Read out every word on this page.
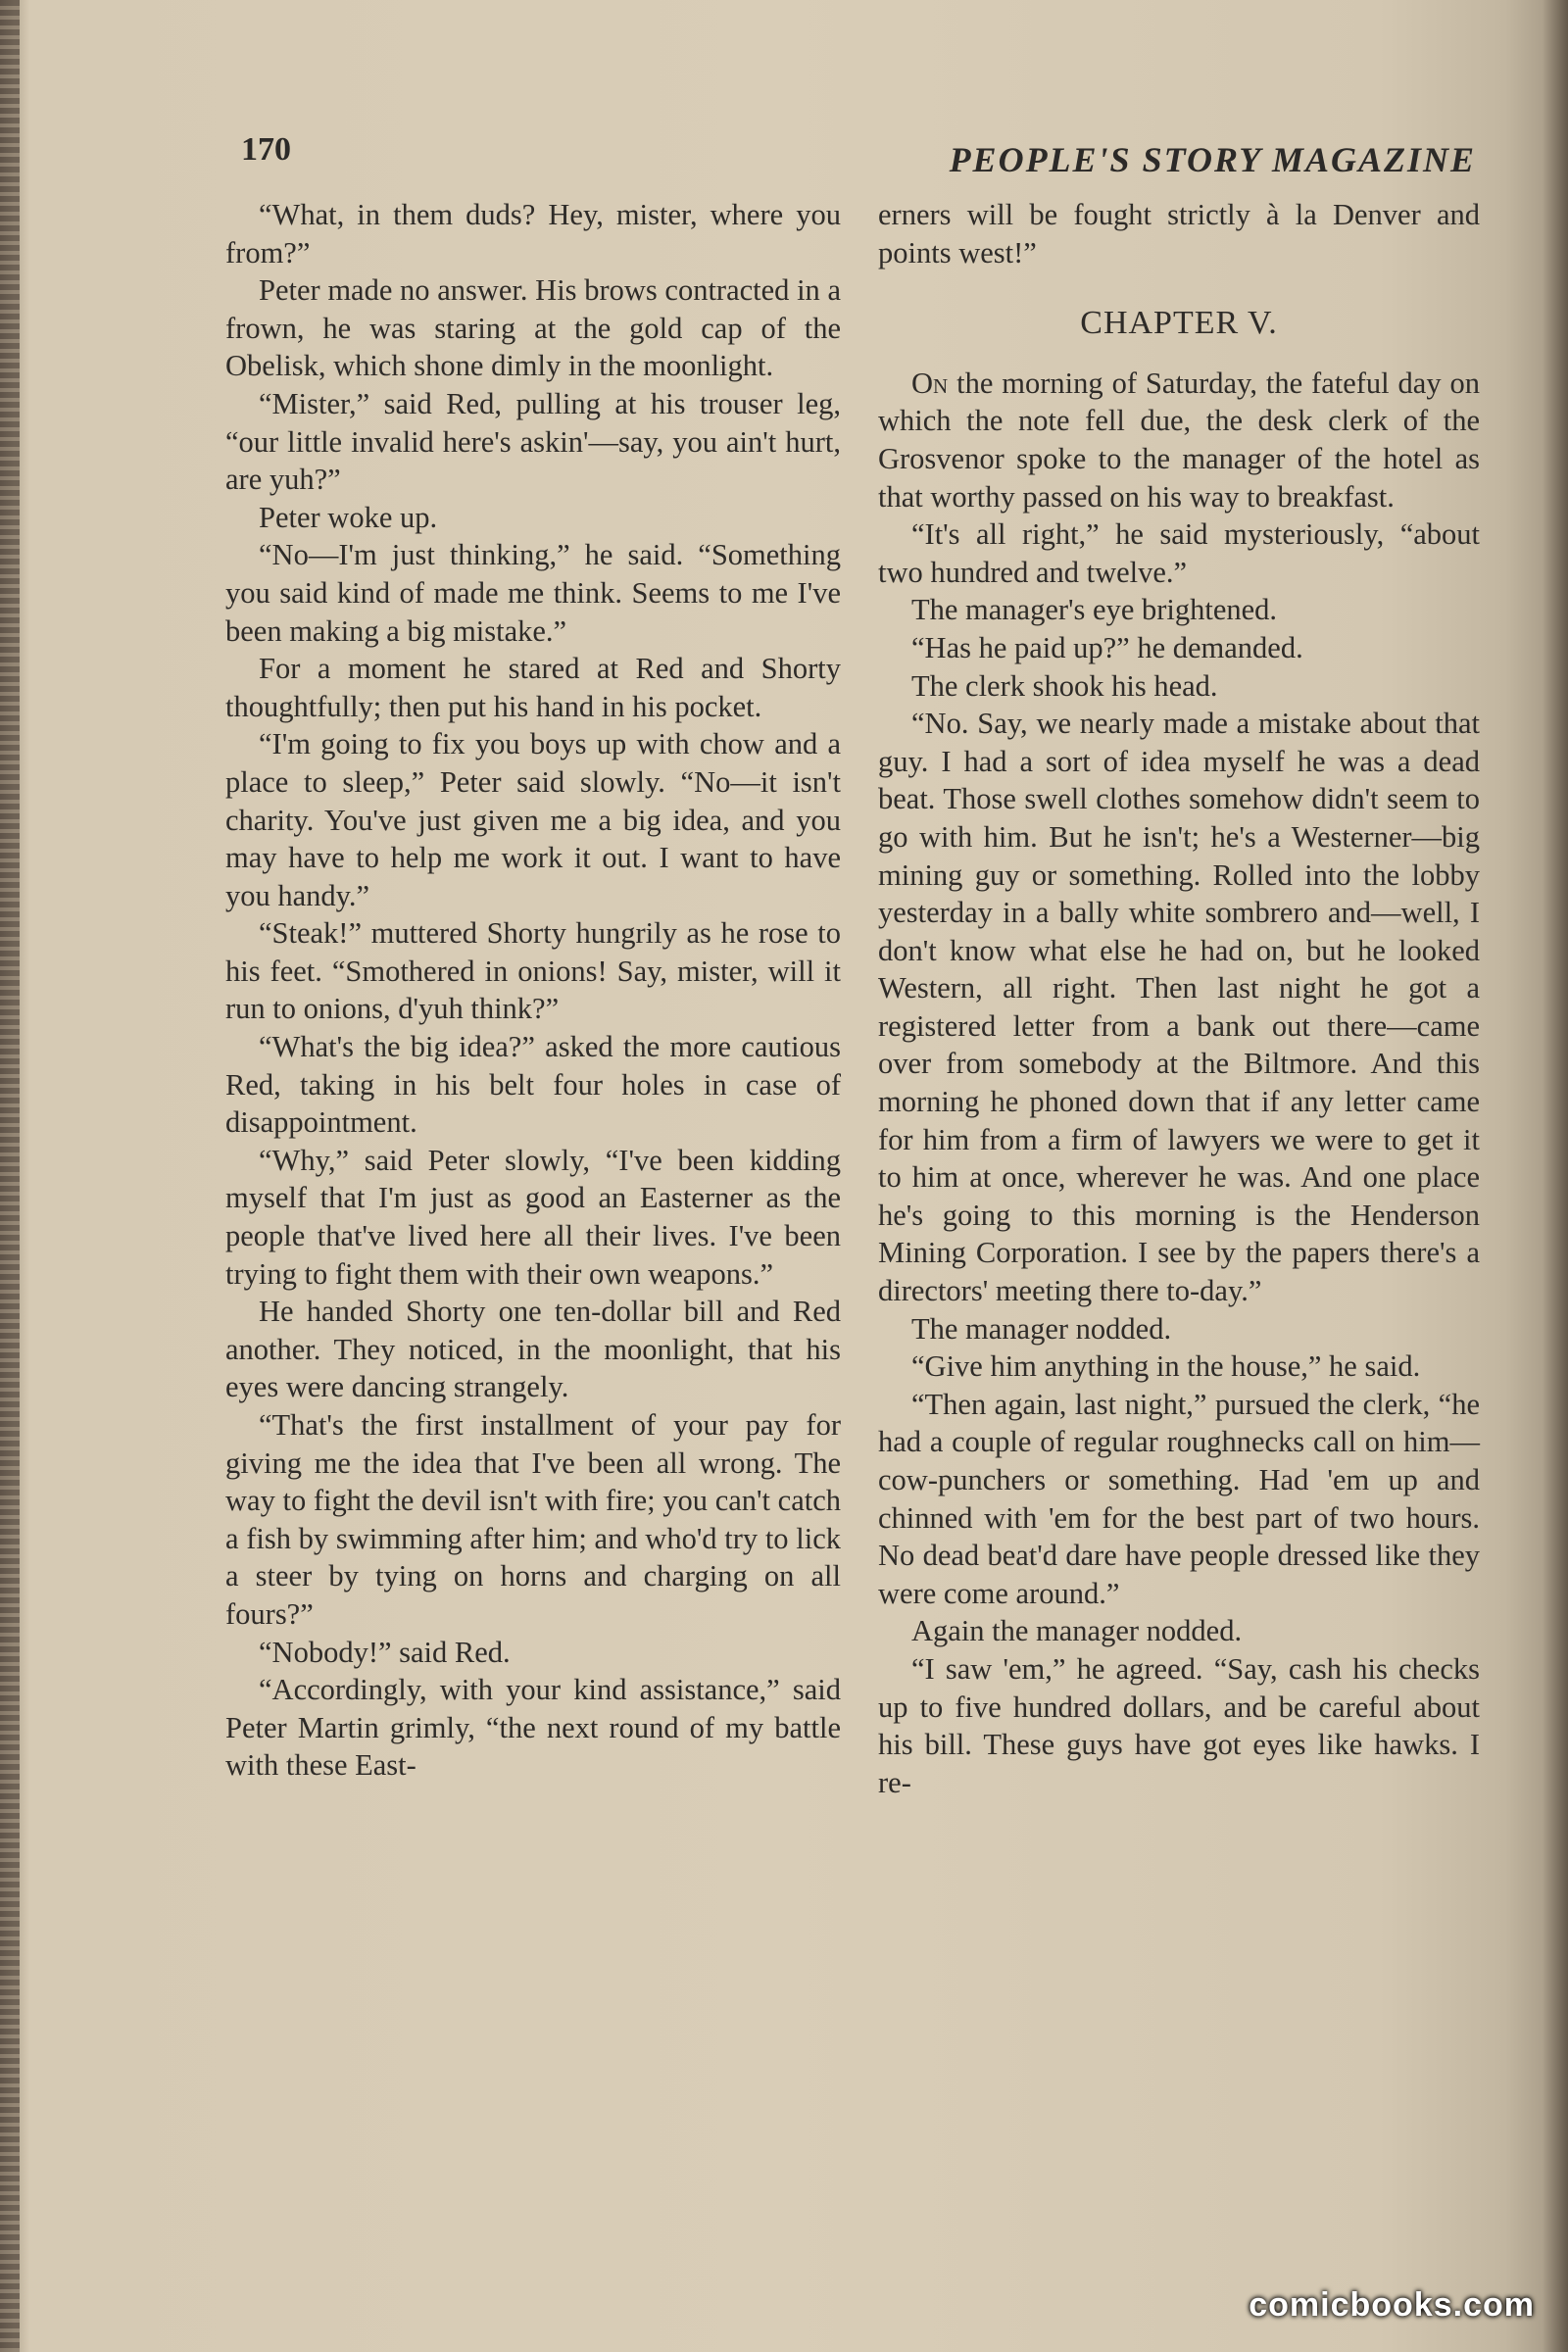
170	PEOPLE'S STORY MAGAZINE

“What, in them duds? Hey, mister, where you from?”

Peter made no answer. His brows contracted in a frown, he was staring at the gold cap of the Obelisk, which shone dimly in the moonlight.

“Mister,” said Red, pulling at his trouser leg, “our little invalid here's askin'—say, you ain't hurt, are yuh?”

Peter woke up.

“No—I'm just thinking,” he said. “Something you said kind of made me think. Seems to me I've been making a big mistake.”

For a moment he stared at Red and Shorty thoughtfully; then put his hand in his pocket.

“I'm going to fix you boys up with chow and a place to sleep,” Peter said slowly. “No—it isn't charity. You've just given me a big idea, and you may have to help me work it out. I want to have you handy.”

“Steak!” muttered Shorty hungrily as he rose to his feet. “Smothered in onions! Say, mister, will it run to onions, d'yuh think?”

“What's the big idea?” asked the more cautious Red, taking in his belt four holes in case of disappointment.

“Why,” said Peter slowly, “I've been kidding myself that I'm just as good an Easterner as the people that've lived here all their lives. I've been trying to fight them with their own weapons.”

He handed Shorty one ten-dollar bill and Red another. They noticed, in the moonlight, that his eyes were dancing strangely.

“That's the first installment of your pay for giving me the idea that I've been all wrong. The way to fight the devil isn't with fire; you can't catch a fish by swimming after him; and who'd try to lick a steer by tying on horns and charging on all fours?”

“Nobody!” said Red.

“Accordingly, with your kind assistance,” said Peter Martin grimly, “the next round of my battle with these East-

erners will be fought strictly à la Denver and points west!”

CHAPTER V.

On the morning of Saturday, the fateful day on which the note fell due, the desk clerk of the Grosvenor spoke to the manager of the hotel as that worthy passed on his way to breakfast.

“It's all right,” he said mysteriously, “about two hundred and twelve.”

The manager's eye brightened.

“Has he paid up?” he demanded.

The clerk shook his head.

“No. Say, we nearly made a mistake about that guy. I had a sort of idea myself he was a dead beat. Those swell clothes somehow didn't seem to go with him. But he isn't; he's a Westerner—big mining guy or something. Rolled into the lobby yesterday in a bally white sombrero and—well, I don't know what else he had on, but he looked Western, all right. Then last night he got a registered letter from a bank out there—came over from somebody at the Biltmore. And this morning he phoned down that if any letter came for him from a firm of lawyers we were to get it to him at once, wherever he was. And one place he's going to this morning is the Henderson Mining Corporation. I see by the papers there's a directors' meeting there to-day.”

The manager nodded.

“Give him anything in the house,” he said.

“Then again, last night,” pursued the clerk, “he had a couple of regular roughnecks call on him—cow-punchers or something. Had 'em up and chinned with 'em for the best part of two hours. No dead beat'd dare have people dressed like they were come around.”

Again the manager nodded.

“I saw 'em,” he agreed. “Say, cash his checks up to five hundred dollars, and be careful about his bill. These guys have got eyes like hawks. I re-

comicbooks.com
